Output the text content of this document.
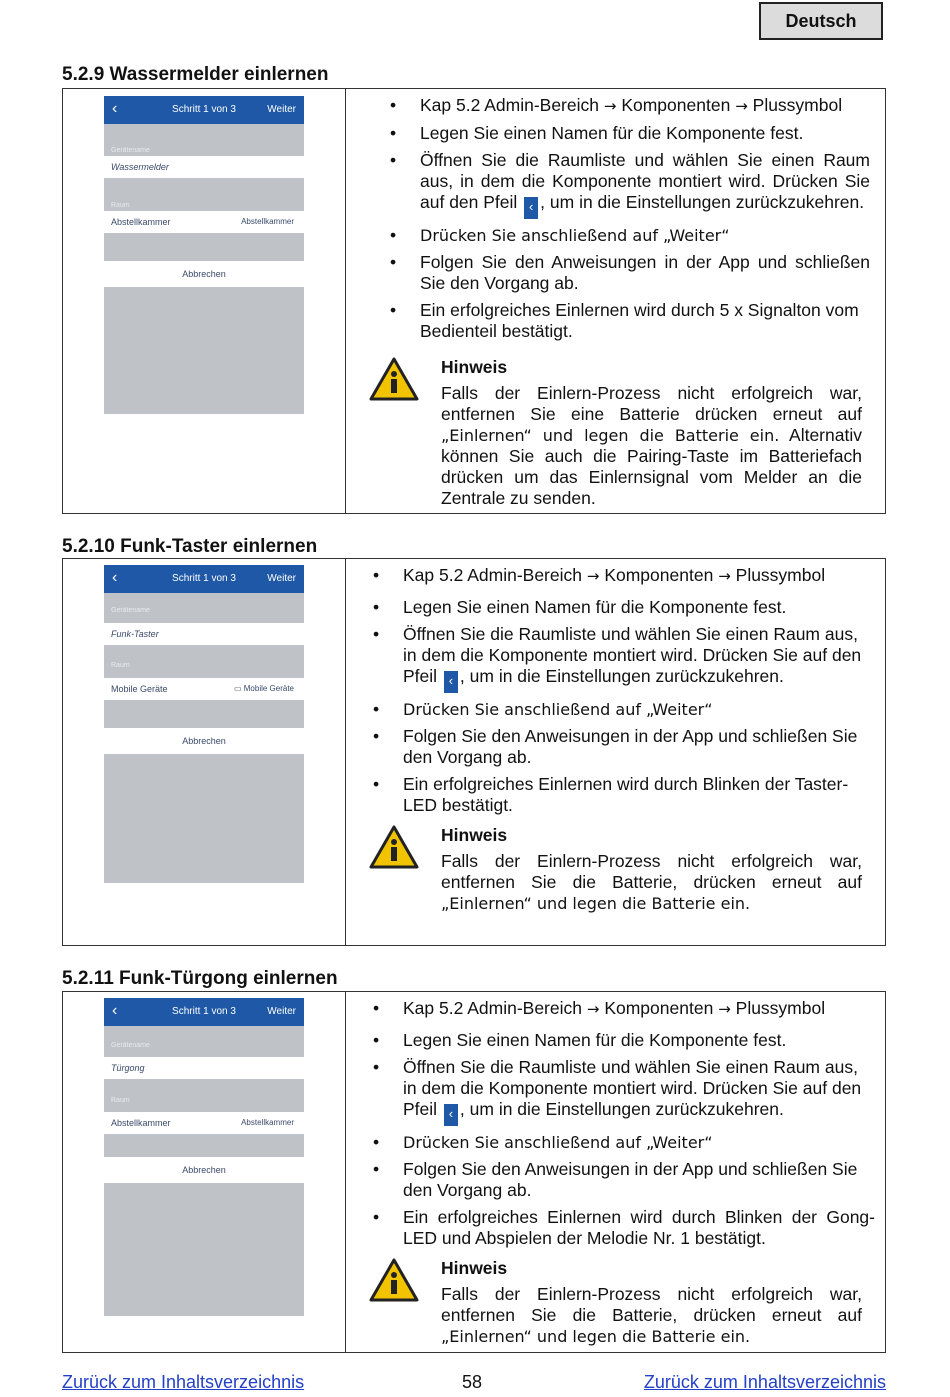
Deutsch
5.2.9 Wassermelder einlernen
‹	Schritt 1 von 3	Weiter
Gerätename
Wassermelder
Raum
Abstellkammer	Abstellkammer
Abbrechen
• Kap 5.2 Admin-Bereich → Komponenten → Plussymbol
• Legen Sie einen Namen für die Komponente fest.
• Öffnen Sie die Raumliste und wählen Sie einen Raum aus, in dem die Komponente montiert wird. Drücken Sie auf den Pfeil ‹ , um in die Einstellungen zurückzukehren.
• Drücken Sie anschließend auf „Weiter“
• Folgen Sie den Anweisungen in der App und schließen Sie den Vorgang ab.
• Ein erfolgreiches Einlernen wird durch 5 x Signalton vom Bedienteil bestätigt.
Hinweis
Falls der Einlern-Prozess nicht erfolgreich war, entfernen Sie eine Batterie drücken erneut auf „Einlernen“ und legen die Batterie ein. Alternativ können Sie auch die Pairing-Taste im Batteriefach drücken um das Einlernsignal vom Melder an die Zentrale zu senden.
5.2.10 Funk-Taster einlernen
‹	Schritt 1 von 3	Weiter
Gerätename
Funk-Taster
Raum
Mobile Geräte	▭ Mobile Geräte
Abbrechen
• Kap 5.2 Admin-Bereich → Komponenten → Plussymbol
• Legen Sie einen Namen für die Komponente fest.
• Öffnen Sie die Raumliste und wählen Sie einen Raum aus, in dem die Komponente montiert wird. Drücken Sie auf den Pfeil ‹ , um in die Einstellungen zurückzukehren.
• Drücken Sie anschließend auf „Weiter“
• Folgen Sie den Anweisungen in der App und schließen Sie den Vorgang ab.
• Ein erfolgreiches Einlernen wird durch Blinken der Taster-LED bestätigt.
Hinweis
Falls der Einlern-Prozess nicht erfolgreich war, entfernen Sie die Batterie, drücken erneut auf „Einlernen“ und legen die Batterie ein.
5.2.11 Funk-Türgong einlernen
‹	Schritt 1 von 3	Weiter
Gerätename
Türgong
Raum
Abstellkammer	Abstellkammer
Abbrechen
• Kap 5.2 Admin-Bereich → Komponenten → Plussymbol
• Legen Sie einen Namen für die Komponente fest.
• Öffnen Sie die Raumliste und wählen Sie einen Raum aus, in dem die Komponente montiert wird. Drücken Sie auf den Pfeil ‹ , um in die Einstellungen zurückzukehren.
• Drücken Sie anschließend auf „Weiter“
• Folgen Sie den Anweisungen in der App und schließen Sie den Vorgang ab.
• Ein erfolgreiches Einlernen wird durch Blinken der Gong-LED und Abspielen der Melodie Nr. 1 bestätigt.
Hinweis
Falls der Einlern-Prozess nicht erfolgreich war, entfernen Sie die Batterie, drücken erneut auf „Einlernen“ und legen die Batterie ein.
Zurück zum Inhaltsverzeichnis	58	Zurück zum Inhaltsverzeichnis
